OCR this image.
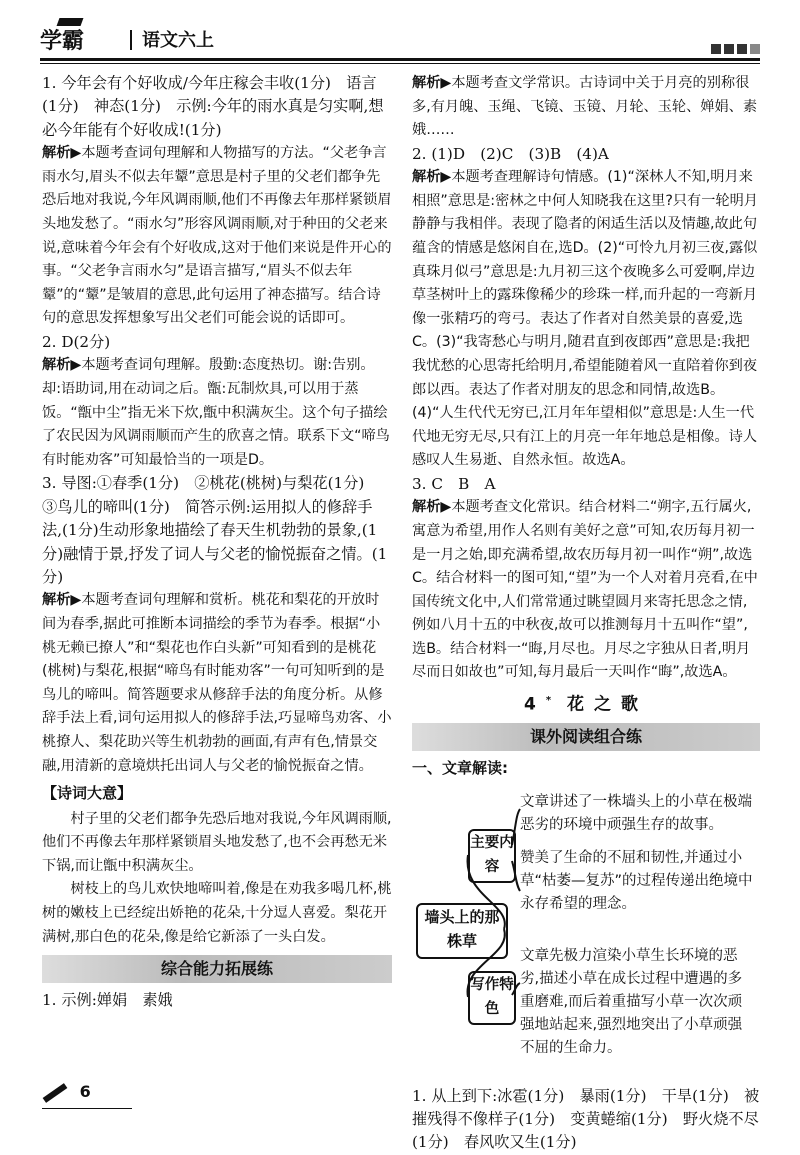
学霸	语文六上

1. 今年会有个好收成/今年庄稼会丰收(1分)　语言(1分)　神态(1分)　示例:今年的雨水真是匀实啊,想必今年能有个好收成!(1分)

解析▶本题考查词句理解和人物描写的方法。“父老争言雨水匀,眉头不似去年颦”意思是村子里的父老们都争先恐后地对我说,今年风调雨顺,他们不再像去年那样紧锁眉头地发愁了。“雨水匀”形容风调雨顺,对于种田的父老来说,意味着今年会有个好收成,这对于他们来说是件开心的事。“父老争言雨水匀”是语言描写,“眉头不似去年颦”的“颦”是皱眉的意思,此句运用了神态描写。结合诗句的意思发挥想象写出父老们可能会说的话即可。

2. D(2分)

解析▶本题考查词句理解。殷勤:态度热切。谢:告别。却:语助词,用在动词之后。甑:瓦制炊具,可以用于蒸饭。“甑中尘”指无米下炊,甑中积满灰尘。这个句子描绘了农民因为风调雨顺而产生的欣喜之情。联系下文“啼鸟有时能劝客”可知最恰当的一项是D。

3. 导图:①春季(1分)　②桃花(桃树)与梨花(1分)　③鸟儿的啼叫(1分)　简答示例:运用拟人的修辞手法,(1分)生动形象地描绘了春天生机勃勃的景象,(1分)融情于景,抒发了词人与父老的愉悦振奋之情。(1分)

解析▶本题考查词句理解和赏析。桃花和梨花的开放时间为春季,据此可推断本词描绘的季节为春季。根据“小桃无赖已撩人”和“梨花也作白头新”可知看到的是桃花(桃树)与梨花,根据“啼鸟有时能劝客”一句可知听到的是鸟儿的啼叫。简答题要求从修辞手法的角度分析。从修辞手法上看,词句运用拟人的修辞手法,巧显啼鸟劝客、小桃撩人、梨花助兴等生机勃勃的画面,有声有色,情景交融,用清新的意境烘托出词人与父老的愉悦振奋之情。

【诗词大意】

村子里的父老们都争先恐后地对我说,今年风调雨顺,他们不再像去年那样紧锁眉头地发愁了,也不会再愁无米下锅,而让甑中积满灰尘。

树枝上的鸟儿欢快地啼叫着,像是在劝我多喝几杯,桃树的嫩枝上已经绽出娇艳的花朵,十分逗人喜爱。梨花开满树,那白色的花朵,像是给它新添了一头白发。

综合能力拓展练

1. 示例:婵娟　素娥

解析▶本题考查文学常识。古诗词中关于月亮的别称很多,有月魄、玉绳、飞镜、玉镜、月轮、玉轮、婵娟、素娥……

2. (1)D　(2)C　(3)B　(4)A

解析▶本题考查理解诗句情感。(1)“深林人不知,明月来相照”意思是:密林之中何人知晓我在这里?只有一轮明月静静与我相伴。表现了隐者的闲适生活以及情趣,故此句蕴含的情感是悠闲自在,选D。(2)“可怜九月初三夜,露似真珠月似弓”意思是:九月初三这个夜晚多么可爱啊,岸边草茎树叶上的露珠像稀少的珍珠一样,而升起的一弯新月像一张精巧的弯弓。表达了作者对自然美景的喜爱,选C。(3)“我寄愁心与明月,随君直到夜郎西”意思是:我把我忧愁的心思寄托给明月,希望能随着风一直陪着你到夜郎以西。表达了作者对朋友的思念和同情,故选B。(4)“人生代代无穷已,江月年年望相似”意思是:人生一代代地无穷无尽,只有江上的月亮一年年地总是相像。诗人感叹人生易逝、自然永恒。故选A。

3. C　B　A

解析▶本题考查文化常识。结合材料二“朔字,五行属火,寓意为希望,用作人名则有美好之意”可知,农历每月初一是一月之始,即充满希望,故农历每月初一叫作“朔”,故选C。结合材料一的图可知,“望”为一个人对着月亮看,在中国传统文化中,人们常常通过眺望圆月来寄托思念之情,例如八月十五的中秋夜,故可以推测每月十五叫作“望”,选B。结合材料一“晦,月尽也。月尽之字独从日者,明月尽而日如故也”可知,每月最后一天叫作“晦”,故选A。

4* 花之歌
课外阅读组合练
一、文章解读:
墙头上的那株草
主要内容
写作特色
文章讲述了一株墙头上的小草在极端恶劣的环境中顽强生存的故事。
赞美了生命的不屈和韧性,并通过小草“枯萎—复苏”的过程传递出绝境中永存希望的理念。
文章先极力渲染小草生长环境的恶劣,描述小草在成长过程中遭遇的多重磨难,而后着重描写小草一次次顽强地站起来,强烈地突出了小草顽强不屈的生命力。

1. 从上到下:冰雹(1分)　暴雨(1分)　干旱(1分)　被摧残得不像样子(1分)　变黄蜷缩(1分)　野火烧不尽(1分)　春风吹又生(1分)

6
